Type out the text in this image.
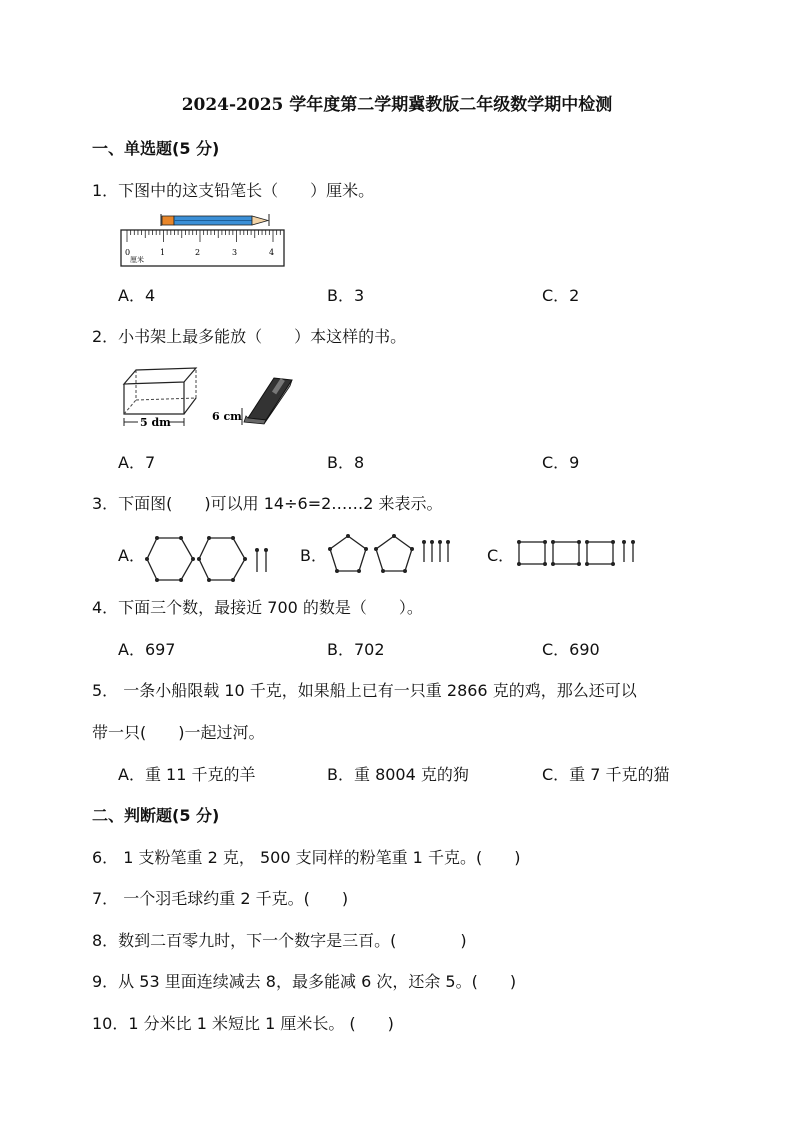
2024-2025 学年度第二学期冀教版二年级数学期中检测
一、单选题(5 分)
1．下图中的这支铅笔长（　　）厘米。
0	1	2	3	4
厘米
A．4	B．3	C．2
2．小书架上最多能放（　　）本这样的书。
5 dm	6 cm
A．7	B．8	C．9
3．下面图(　　)可以用 14÷6=2……2 来表示。
A．	B．	C．
4．下面三个数，最接近 700 的数是（　　）。
A．697	B．702	C．690
5． 一条小船限载 10 千克，如果船上已有一只重 2866 克的鸡，那么还可以
带一只(　　)一起过河。
A．重 11 千克的羊	B．重 8004 克的狗	C．重 7 千克的猫
二、判断题(5 分)
6． 1 支粉笔重 2 克， 500 支同样的粉笔重 1 千克。(　　)
7． 一个羽毛球约重 2 千克。(　　)
8．数到二百零九时，下一个数字是三百。(　　　　)
9．从 53 里面连续减去 8，最多能减 6 次，还余 5。(　　)
10．1 分米比 1 米短比 1 厘米长。 (　　)
